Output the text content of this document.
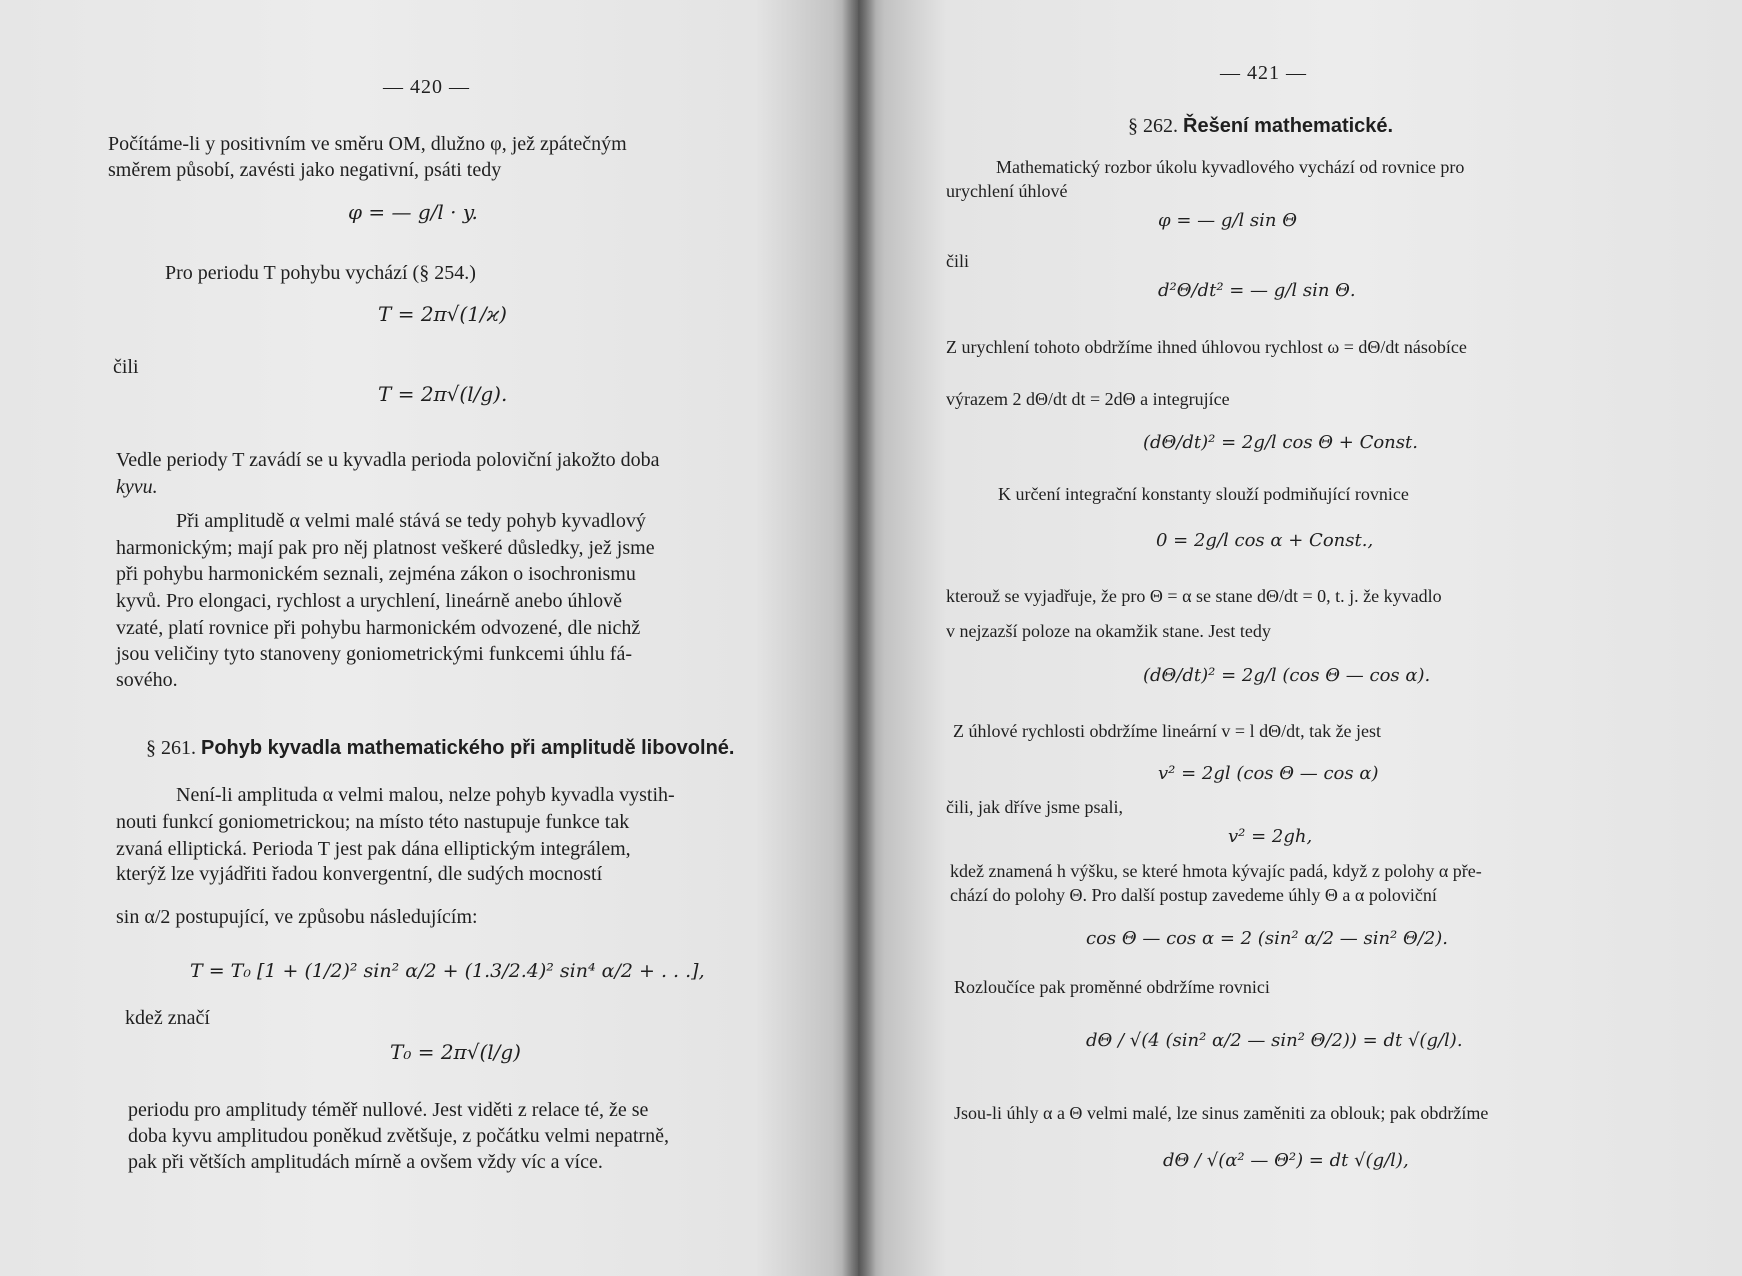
— 420 —
Počítáme-li y positivním ve směru OM, dlužno φ, jež zpátečným
směrem působí, zavésti jako negativní, psáti tedy
φ = — g/l · y.
Pro periodu T pohybu vychází (§ 254.)
T = 2π√(1/ϰ)
čili
T = 2π√(l/g).
Vedle periody T zavádí se u kyvadla perioda poloviční jakožto doba
kyvu.
Při amplitudě α velmi malé stává se tedy pohyb kyvadlový
harmonickým; mají pak pro něj platnost veškeré důsledky, jež jsme
při pohybu harmonickém seznali, zejména zákon o isochronismu
kyvů. Pro elongaci, rychlost a urychlení, lineárně anebo úhlově
vzaté, platí rovnice při pohybu harmonickém odvozené, dle nichž
jsou veličiny tyto stanoveny goniometrickými funkcemi úhlu fá-
sového.
§ 261. Pohyb kyvadla mathematického při amplitudě libovolné.
Není-li amplituda α velmi malou, nelze pohyb kyvadla vystih-
nouti funkcí goniometrickou; na místo této nastupuje funkce tak
zvaná elliptická. Perioda T jest pak dána elliptickým integrálem,
kterýž lze vyjádřiti řadou konvergentní, dle sudých mocností
sin α/2 postupující, ve způsobu následujícím:
T = T₀ [1 + (1/2)² sin² α/2 + (1.3/2.4)² sin⁴ α/2 + . . .],
kdež značí
T₀ = 2π√(l/g)
periodu pro amplitudy téměř nullové. Jest viděti z relace té, že se
doba kyvu amplitudou poněkud zvětšuje, z počátku velmi nepatrně,
pak při větších amplitudách mírně a ovšem vždy víc a více.
— 421 —
§ 262. Řešení mathematické.
Mathematický rozbor úkolu kyvadlového vychází od rovnice pro
urychlení úhlové
φ = — g/l sin Θ
čili
d²Θ/dt² = — g/l sin Θ.
Z urychlení tohoto obdržíme ihned úhlovou rychlost ω = dΘ/dt násobíce
výrazem 2 dΘ/dt dt = 2dΘ a integrujíce
(dΘ/dt)² = 2g/l cos Θ + Const.
K určení integrační konstanty slouží podmiňující rovnice
0 = 2g/l cos α + Const.,
kterouž se vyjadřuje, že pro Θ = α se stane dΘ/dt = 0, t. j. že kyvadlo
v nejzazší poloze na okamžik stane. Jest tedy
(dΘ/dt)² = 2g/l (cos Θ — cos α).
Z úhlové rychlosti obdržíme lineární v = l dΘ/dt, tak že jest
v² = 2gl (cos Θ — cos α)
čili, jak dříve jsme psali,
v² = 2gh,
kdež znamená h výšku, se které hmota kývajíc padá, když z polohy α pře-
chází do polohy Θ. Pro další postup zavedeme úhly Θ a α poloviční
cos Θ — cos α = 2 (sin² α/2 — sin² Θ/2).
Rozloučíce pak proměnné obdržíme rovnici
dΘ / √(4 (sin² α/2 — sin² Θ/2)) = dt √(g/l).
Jsou-li úhly α a Θ velmi malé, lze sinus zaměniti za oblouk; pak obdržíme
dΘ / √(α² — Θ²) = dt √(g/l),
